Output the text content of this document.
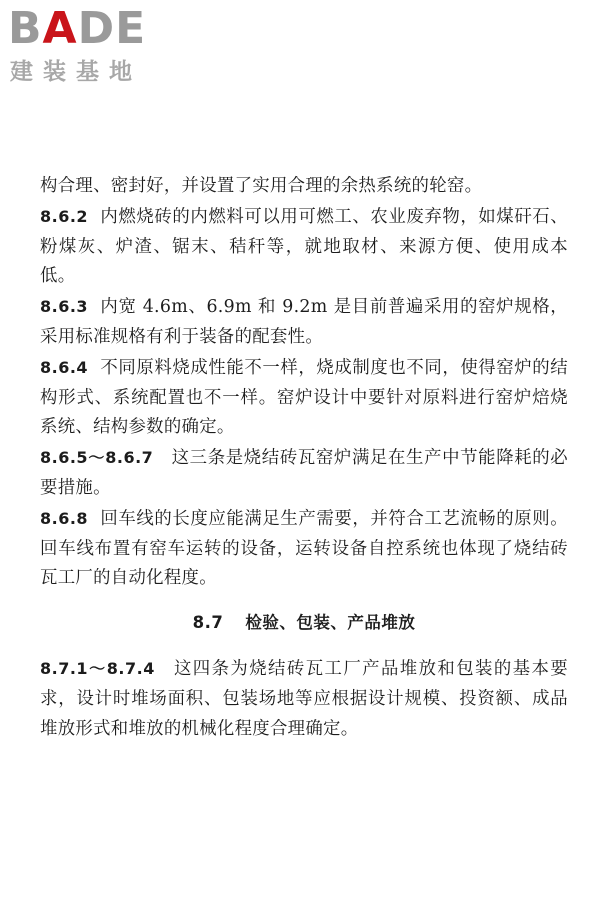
BADE
建装基地

构合理、密封好，并设置了实用合理的余热系统的轮窑。

8.6.2 内燃烧砖的内燃料可以用可燃工、农业废弃物，如煤矸石、粉煤灰、炉渣、锯末、秸秆等，就地取材、来源方便、使用成本低。

8.6.3 内宽 4.6m、6.9m 和 9.2m 是目前普遍采用的窑炉规格，采用标准规格有利于装备的配套性。

8.6.4 不同原料烧成性能不一样，烧成制度也不同，使得窑炉的结构形式、系统配置也不一样。窑炉设计中要针对原料进行窑炉焙烧系统、结构参数的确定。

8.6.5～8.6.7 这三条是烧结砖瓦窑炉满足在生产中节能降耗的必要措施。

8.6.8 回车线的长度应能满足生产需要，并符合工艺流畅的原则。回车线布置有窑车运转的设备，运转设备自控系统也体现了烧结砖瓦工厂的自动化程度。

8.7 检验、包装、产品堆放

8.7.1～8.7.4 这四条为烧结砖瓦工厂产品堆放和包装的基本要求，设计时堆场面积、包装场地等应根据设计规模、投资额、成品堆放形式和堆放的机械化程度合理确定。
